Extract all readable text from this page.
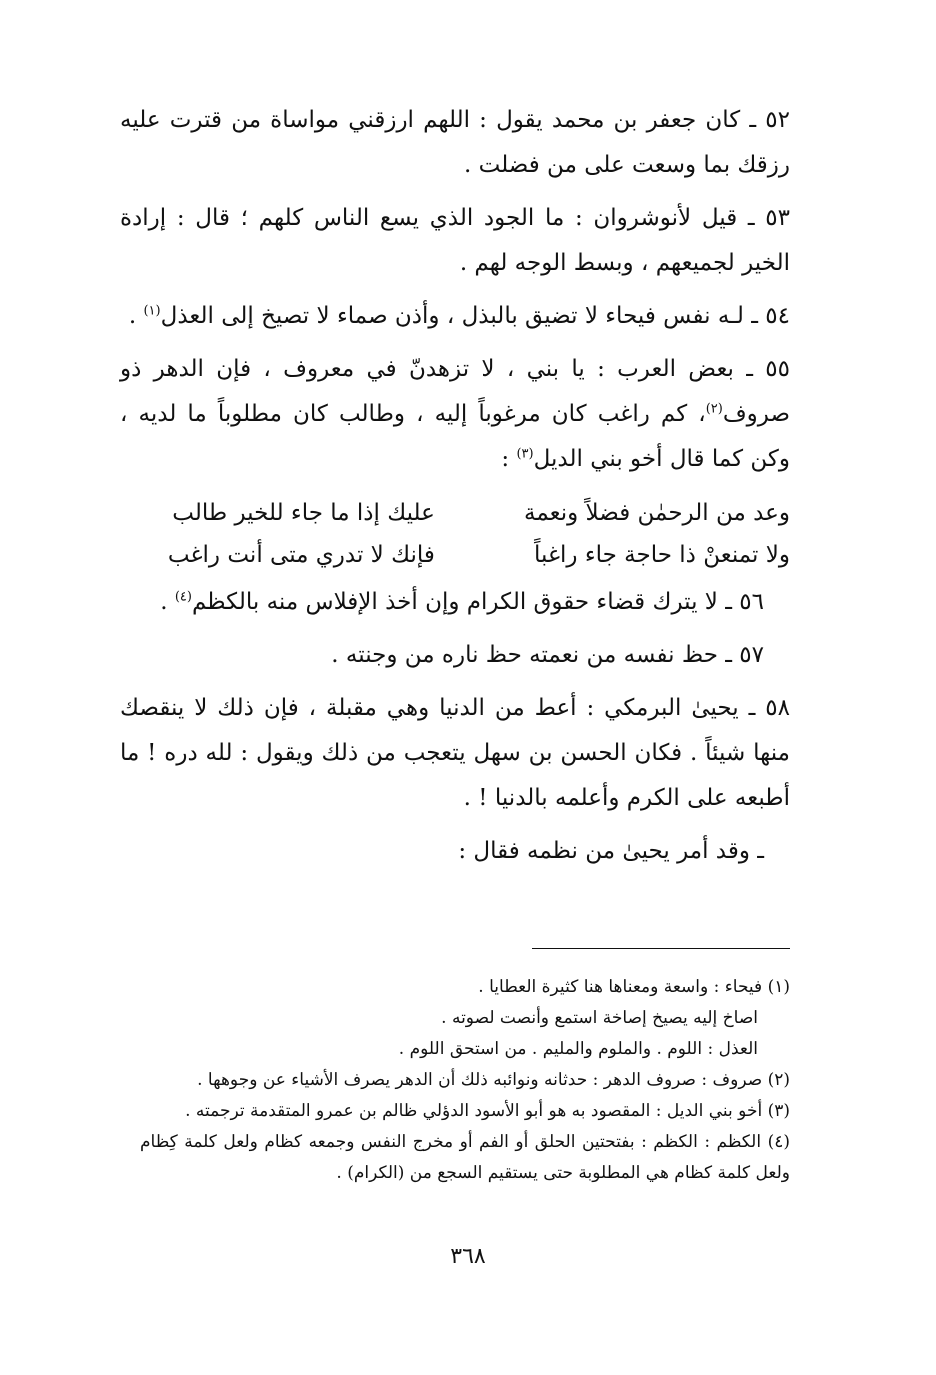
٥٢ ـ كان جعفر بن محمد يقول : اللهم ارزقني مواساة من قترت عليه رزقك بما وسعت على من فضلت .

٥٣ ـ قيل لأنوشروان : ما الجود الذي يسع الناس كلهم ؛ قال : إرادة الخير لجميعهم ، وبسط الوجه لهم .

٥٤ ـ لـه نفس فيحاء لا تضيق بالبذل ، وأذن صماء لا تصيخ إلى العذل$^{(١)}$ .

٥٥ ـ بعض العرب : يا بني ، لا تزهدنّ في معروف ، فإن الدهر ذو صروف$^{(٢)}$، كم راغب كان مرغوباً إليه ، وطالب كان مطلوباً ما لديه ، وكن كما قال أخو بني الديل$^{(٣)}$ :

وعد من الرحمٰن فضلاً ونعمة
عليك إذا ما جاء للخير طالب
ولا تمنعنْ ذا حاجة جاء راغباً
فإنك لا تدري متى أنت راغب

٥٦ ـ لا يترك قضاء حقوق الكرام وإن أخذ الإفلاس منه بالكظم$^{(٤)}$ .

٥٧ ـ حظ نفسه من نعمته حظ ناره من وجنته .

٥٨ ـ يحيىٰ البرمكي : أعط من الدنيا وهي مقبلة ، فإن ذلك لا ينقصك منها شيئاً . فكان الحسن بن سهل يتعجب من ذلك ويقول : لله دره ! ما أطبعه على الكرم وأعلمه بالدنيا ! .

ـ وقد أمر يحيىٰ من نظمه فقال :

(١) فيحاء : واسعة ومعناها هنا كثيرة العطايا .

اصاخ إليه يصيخ إصاخة استمع وأنصت لصوته .

العذل : اللوم . والملوم والمليم . من استحق اللوم .

(٢) صروف : صروف الدهر : حدثانه ونوائبه ذلك أن الدهر يصرف الأشياء عن وجوهها .

(٣) أخو بني الديل : المقصود به هو أبو الأسود الدؤلي ظالم بن عمرو المتقدمة ترجمته .

(٤) الكظم : الكظم : بفتحتين الحلق أو الفم أو مخرج النفس وجمعه كظام ولعل كلمة كِظام ولعل كلمة كظام هي المطلوبة حتى يستقيم السجع من (الكرام) .

٣٦٨
